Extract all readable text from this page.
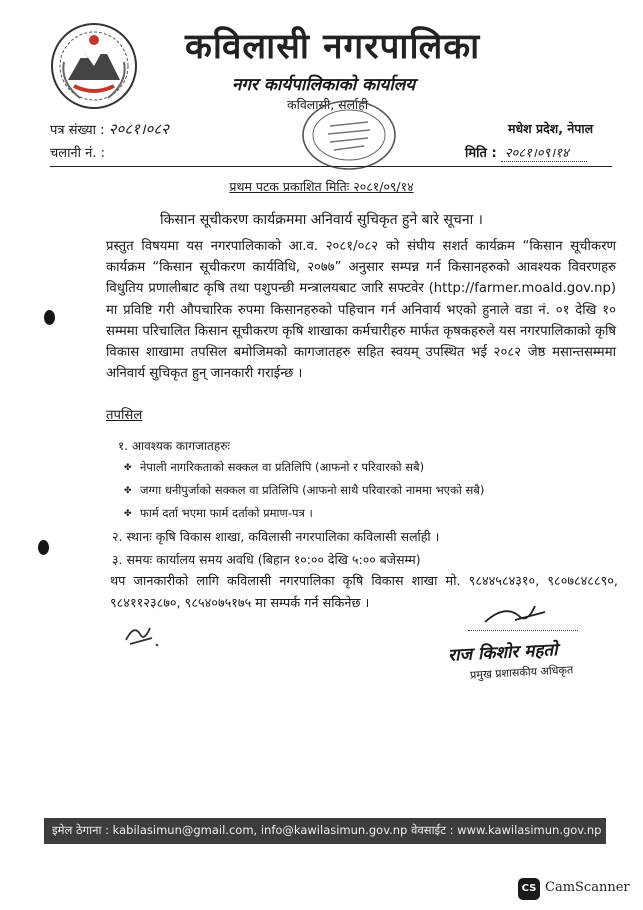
कविलासी नगरपालिका
नगर कार्यपालिकाको कार्यालय
कविलासी, सर्लाही
पत्र संख्या : २०८१।०८२
चलानी नं. :
मधेश प्रदेश, नेपाल
मिति : २०८१।०९।१४
प्रथम पटक प्रकाशित मितिः २०८१/०९/१४
किसान सूचीकरण कार्यक्रममा अनिवार्य सुचिकृत हुने बारे सूचना ।
प्रस्तुत विषयमा यस नगरपालिकाको आ.व. २०८१/०८२ को संघीय सशर्त कार्यक्रम “किसान सूचीकरण कार्यक्रम “किसान सूचीकरण कार्यविधि, २०७७” अनुसार सम्पन्न गर्न किसानहरुको आवश्यक विवरणहरु विधुतिय प्रणालीबाट कृषि तथा पशुपन्छी मन्त्रालयबाट जारि सफ्टवेर (http://farmer.moald.gov.np) मा प्रविष्टि गरी औपचारिक रुपमा किसानहरुको पहिचान गर्न अनिवार्य भएको हुनाले वडा नं. ०१ देखि १० सम्ममा परिचालित किसान सूचीकरण कृषि शाखाका कर्मचारीहरु मार्फत कृषकहरुले यस नगरपालिकाको कृषि विकास शाखामा तपसिल बमोजिमको कागजातहरु सहित स्वयम् उपस्थित भई २०८२ जेष्ठ मसान्तसम्ममा अनिवार्य सुचिकृत हुन् जानकारी गराईन्छ ।
तपसिल
१. आवश्यक कागजातहरुः
✤ नेपाली नागरिकताको सक्कल वा प्रतिलिपि (आफनो र परिवारको सबै)
✤ जग्गा धनीपुर्जाको सक्कल वा प्रतिलिपि (आफनो साथै परिवारको नाममा भएको सबै)
✤ फार्म दर्ता भएमा फार्म दर्ताको प्रमाण-पत्र ।
२. स्थानः कृषि विकास शाखा, कविलासी नगरपालिका कविलासी सर्लाही ।
३. समयः कार्यालय समय अवधि (बिहान १०:०० देखि ५:०० बजेसम्म)
थप जानकारीको लागि कविलासी नगरपालिका कृषि विकास शाखा मो. ९८४४५८४३१०, ९८०७८४८८९०, ९८४११२३८७०, ९८५४०७५१७५ मा सम्पर्क गर्न सकिनेछ ।
राज किशोर महतो
प्रमुख प्रशासकीय अधिकृत
इमेल ठेगाना : kabilasimun@gmail.com, info@kawilasimun.gov.np वेवसाईट : www.kawilasimun.gov.np
CS CamScanner
